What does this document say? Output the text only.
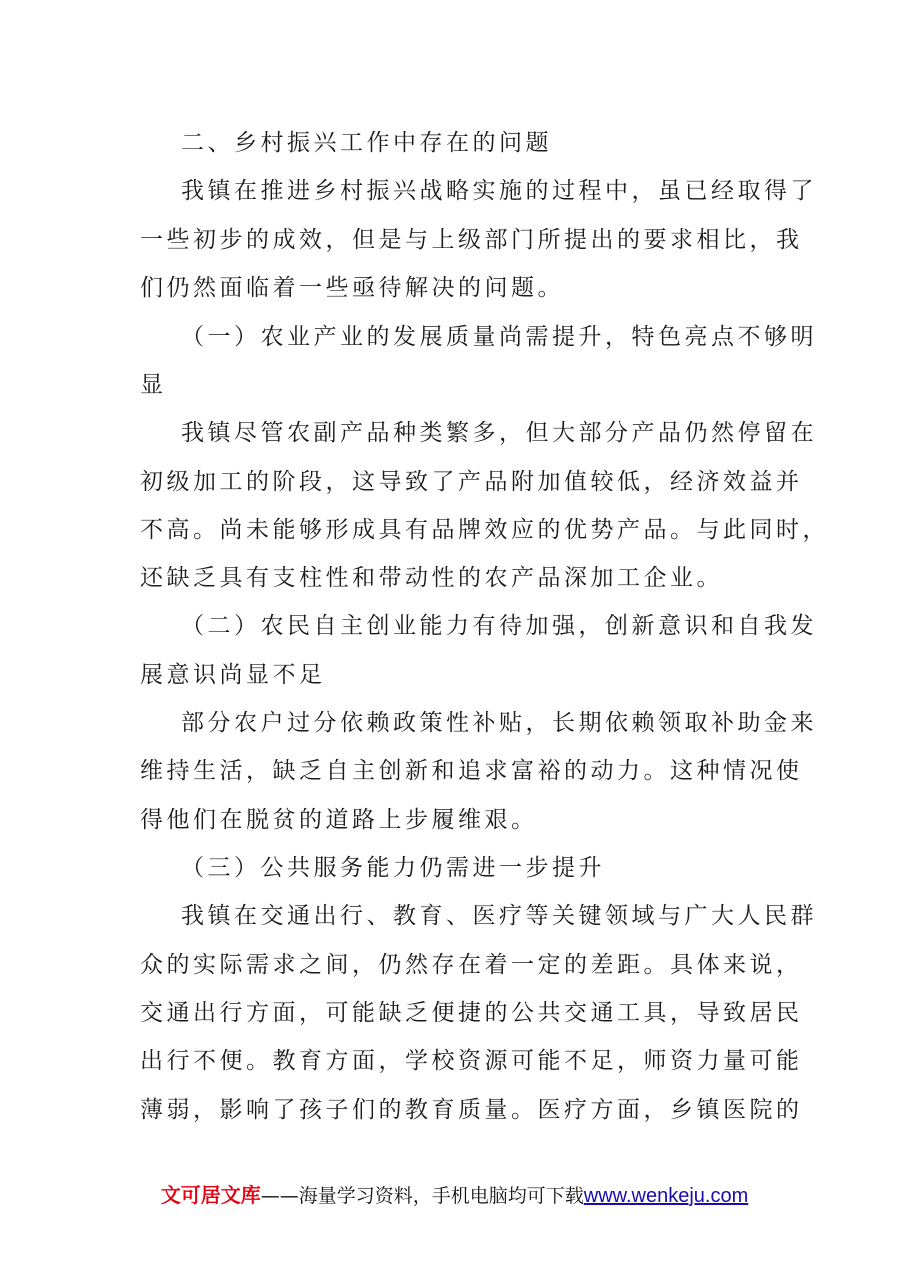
二、乡村振兴工作中存在的问题

我镇在推进乡村振兴战略实施的过程中，虽已经取得了

一些初步的成效，但是与上级部门所提出的要求相比，我

们仍然面临着一些亟待解决的问题。

（一）农业产业的发展质量尚需提升，特色亮点不够明

显

我镇尽管农副产品种类繁多，但大部分产品仍然停留在

初级加工的阶段，这导致了产品附加值较低，经济效益并

不高。尚未能够形成具有品牌效应的优势产品。与此同时，

还缺乏具有支柱性和带动性的农产品深加工企业。

（二）农民自主创业能力有待加强，创新意识和自我发

展意识尚显不足

部分农户过分依赖政策性补贴，长期依赖领取补助金来

维持生活，缺乏自主创新和追求富裕的动力。这种情况使

得他们在脱贫的道路上步履维艰。

（三）公共服务能力仍需进一步提升

我镇在交通出行、教育、医疗等关键领域与广大人民群

众的实际需求之间，仍然存在着一定的差距。具体来说，

交通出行方面，可能缺乏便捷的公共交通工具，导致居民

出行不便。教育方面，学校资源可能不足，师资力量可能

薄弱，影响了孩子们的教育质量。医疗方面，乡镇医院的

文可居文库——海量学习资料，手机电脑均可下载www.wenkeju.com
